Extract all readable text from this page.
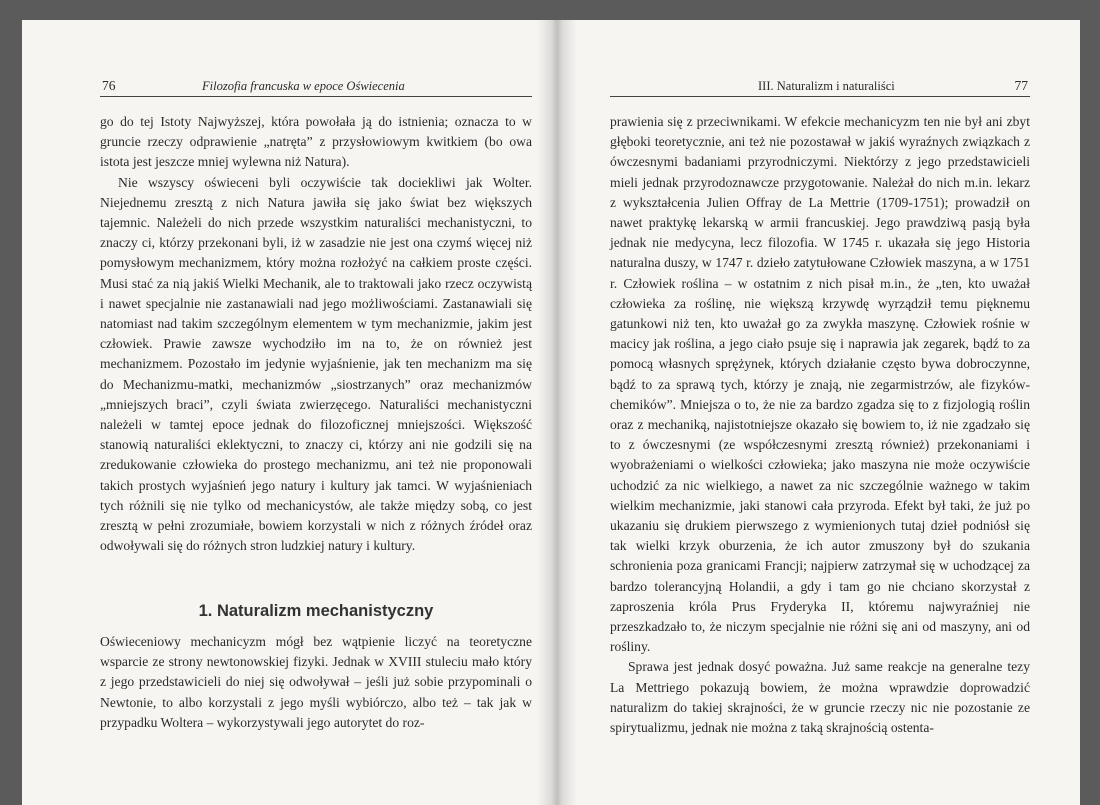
76	Filozofia francuska w epoce Oświecenia

go do tej Istoty Najwyższej, która powołała ją do istnienia; oznacza to w gruncie rzeczy odprawienie „natręta” z przysłowiowym kwitkiem (bo owa istota jest jeszcze mniej wylewna niż Natura).

Nie wszyscy oświeceni byli oczywiście tak dociekliwi jak Wolter. Niejednemu zresztą z nich Natura jawiła się jako świat bez większych tajemnic. Należeli do nich przede wszystkim naturaliści mechanistyczni, to znaczy ci, którzy przekonani byli, iż w zasadzie nie jest ona czymś więcej niż pomysłowym mechanizmem, który można rozłożyć na całkiem proste części. Musi stać za nią jakiś Wielki Mechanik, ale to traktowali jako rzecz oczywistą i nawet specjalnie nie zastanawiali nad jego możliwościami. Zastanawiali się natomiast nad takim szczególnym elementem w tym mechanizmie, jakim jest człowiek. Prawie zawsze wychodziło im na to, że on również jest mechanizmem. Pozostało im jedynie wyjaśnienie, jak ten mechanizm ma się do Mechanizmu-matki, mechanizmów „siostrzanych” oraz mechanizmów „mniejszych braci”, czyli świata zwierzęcego. Naturaliści mechanistyczni należeli w tamtej epoce jednak do filozoficznej mniejszości. Większość stanowią naturaliści eklektyczni, to znaczy ci, którzy ani nie godzili się na zredukowanie człowieka do prostego mechanizmu, ani też nie proponowali takich prostych wyjaśnień jego natury i kultury jak tamci. W wyjaśnieniach tych różnili się nie tylko od mechanicystów, ale także między sobą, co jest zresztą w pełni zrozumiałe, bowiem korzystali w nich z różnych źródeł oraz odwoływali się do różnych stron ludzkiej natury i kultury.

1. Naturalizm mechanistyczny

Oświeceniowy mechanicyzm mógł bez wątpienie liczyć na teoretyczne wsparcie ze strony newtonowskiej fizyki. Jednak w XVIII stuleciu mało który z jego przedstawicieli do niej się odwoływał – jeśli już sobie przypominali o Newtonie, to albo korzystali z jego myśli wybiórczo, albo też – tak jak w przypadku Woltera – wykorzystywali jego autorytet do roz-

III. Naturalizm i naturaliści	77

prawienia się z przeciwnikami. W efekcie mechanicyzm ten nie był ani zbyt głęboki teoretycznie, ani też nie pozostawał w jakiś wyraźnych związkach z ówczesnymi badaniami przyrodniczymi. Niektórzy z jego przedstawicieli mieli jednak przyrodoznawcze przygotowanie. Należał do nich m.in. lekarz z wykształcenia Julien Offray de La Mettrie (1709-1751); prowadził on nawet praktykę lekarską w armii francuskiej. Jego prawdziwą pasją była jednak nie medycyna, lecz filozofia. W 1745 r. ukazała się jego Historia naturalna duszy, w 1747 r. dzieło zatytułowane Człowiek maszyna, a w 1751 r. Człowiek roślina – w ostatnim z nich pisał m.in., że „ten, kto uważał człowieka za roślinę, nie większą krzywdę wyrządził temu pięknemu gatunkowi niż ten, kto uważał go za zwykła maszynę. Człowiek rośnie w macicy jak roślina, a jego ciało psuje się i naprawia jak zegarek, bądź to za pomocą własnych sprężynek, których działanie często bywa dobroczynne, bądź to za sprawą tych, którzy je znają, nie zegarmistrzów, ale fizyków-chemików”. Mniejsza o to, że nie za bardzo zgadza się to z fizjologią roślin oraz z mechaniką, najistotniejsze okazało się bowiem to, iż nie zgadzało się to z ówczesnymi (ze współczesnymi zresztą również) przekonaniami i wyobrażeniami o wielkości człowieka; jako maszyna nie może oczywiście uchodzić za nic wielkiego, a nawet za nic szczególnie ważnego w takim wielkim mechanizmie, jaki stanowi cała przyroda. Efekt był taki, że już po ukazaniu się drukiem pierwszego z wymienionych tutaj dzieł podniósł się tak wielki krzyk oburzenia, że ich autor zmuszony był do szukania schronienia poza granicami Francji; najpierw zatrzymał się w uchodzącej za bardzo tolerancyjną Holandii, a gdy i tam go nie chciano skorzystał z zaproszenia króla Prus Fryderyka II, któremu najwyraźniej nie przeszkadzało to, że niczym specjalnie nie różni się ani od maszyny, ani od rośliny.

Sprawa jest jednak dosyć poważna. Już same reakcje na generalne tezy La Mettriego pokazują bowiem, że można wprawdzie doprowadzić naturalizm do takiej skrajności, że w gruncie rzeczy nic nie pozostanie ze spirytualizmu, jednak nie można z taką skrajnością ostenta-
